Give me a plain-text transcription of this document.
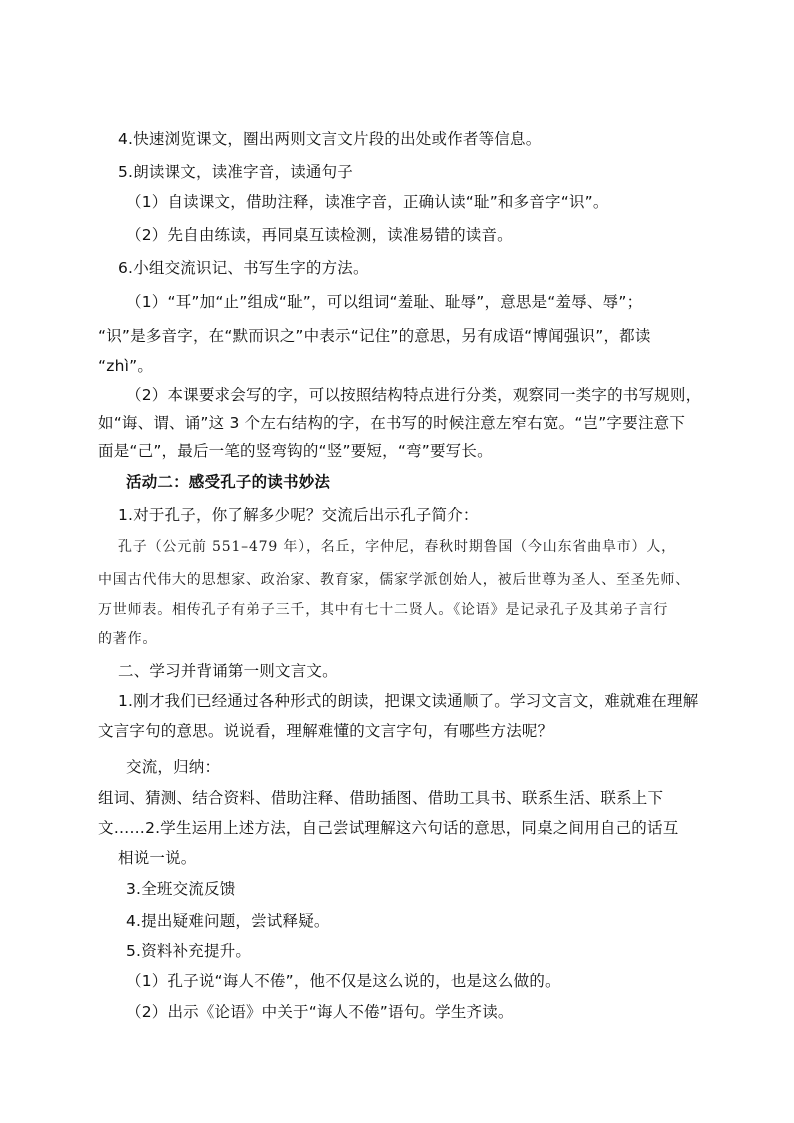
4.快速浏览课文，圈出两则文言文片段的出处或作者等信息。
5.朗读课文，读准字音，读通句子
（1）自读课文，借助注释，读准字音，正确认读“耻”和多音字“识”。
（2）先自由练读，再同桌互读检测，读准易错的读音。
6.小组交流识记、书写生字的方法。
（1）“耳”加“止”组成“耻”，可以组词“羞耻、耻辱”，意思是“羞辱、辱”；
“识”是多音字，在“默而识之”中表示“记住”的意思，另有成语“博闻强识”，都读
“zhì”。
（2）本课要求会写的字，可以按照结构特点进行分类，观察同一类字的书写规则，
如“诲、谓、诵”这 3 个左右结构的字，在书写的时候注意左窄右宽。“岂”字要注意下
面是“己”，最后一笔的竖弯钩的“竖”要短，“弯”要写长。
活动二：感受孔子的读书妙法
1.对于孔子，你了解多少呢？交流后出示孔子简介：
孔子（公元前 551–479 年），名丘，字仲尼，春秋时期鲁国（今山东省曲阜市）人，
中国古代伟大的思想家、政治家、教育家，儒家学派创始人，被后世尊为圣人、至圣先师、
万世师表。相传孔子有弟子三千，其中有七十二贤人。《论语》是记录孔子及其弟子言行
的著作。
二、学习并背诵第一则文言文。
1.刚才我们已经通过各种形式的朗读，把课文读通顺了。学习文言文，难就难在理解
文言字句的意思。说说看，理解难懂的文言字句，有哪些方法呢？
交流，归纳：
组词、猜测、结合资料、借助注释、借助插图、借助工具书、联系生活、联系上下
文……2.学生运用上述方法，自己尝试理解这六句话的意思，同桌之间用自己的话互
相说一说。
3.全班交流反馈
4.提出疑难问题，尝试释疑。
5.资料补充提升。
（1）孔子说“诲人不倦”，他不仅是这么说的，也是这么做的。
（2）出示《论语》中关于“诲人不倦”语句。学生齐读。
